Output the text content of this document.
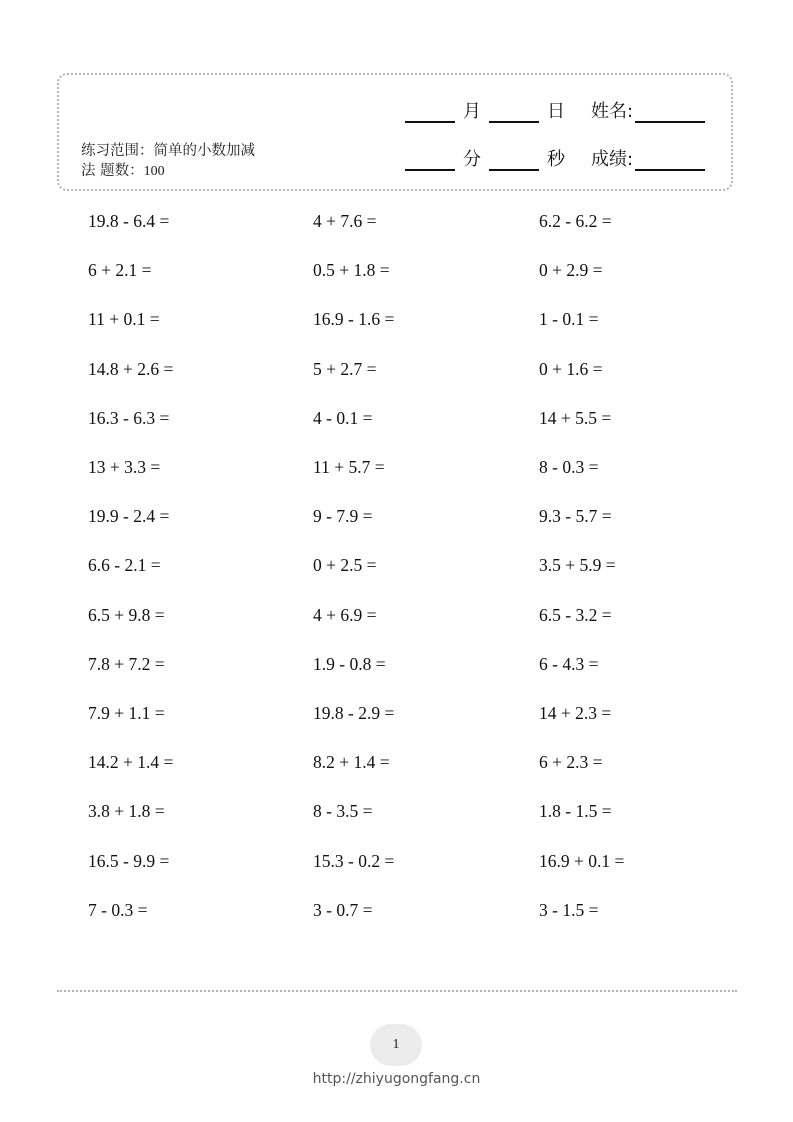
练习范围：简单的小数加减
法 题数：100
月	日 姓名:
分	秒 成绩:
19.8 - 6.4 =	4 + 7.6 =	6.2 - 6.2 =
6 + 2.1 =	0.5 + 1.8 =	0 + 2.9 =
11 + 0.1 =	16.9 - 1.6 =	1 - 0.1 =
14.8 + 2.6 =	5 + 2.7 =	0 + 1.6 =
16.3 - 6.3 =	4 - 0.1 =	14 + 5.5 =
13 + 3.3 =	11 + 5.7 =	8 - 0.3 =
19.9 - 2.4 =	9 - 7.9 =	9.3 - 5.7 =
6.6 - 2.1 =	0 + 2.5 =	3.5 + 5.9 =
6.5 + 9.8 =	4 + 6.9 =	6.5 - 3.2 =
7.8 + 7.2 =	1.9 - 0.8 =	6 - 4.3 =
7.9 + 1.1 =	19.8 - 2.9 =	14 + 2.3 =
14.2 + 1.4 =	8.2 + 1.4 =	6 + 2.3 =
3.8 + 1.8 =	8 - 3.5 =	1.8 - 1.5 =
16.5 - 9.9 =	15.3 - 0.2 =	16.9 + 0.1 =
7 - 0.3 =	3 - 0.7 =	3 - 1.5 =
1
http://zhiyugongfang.cn
